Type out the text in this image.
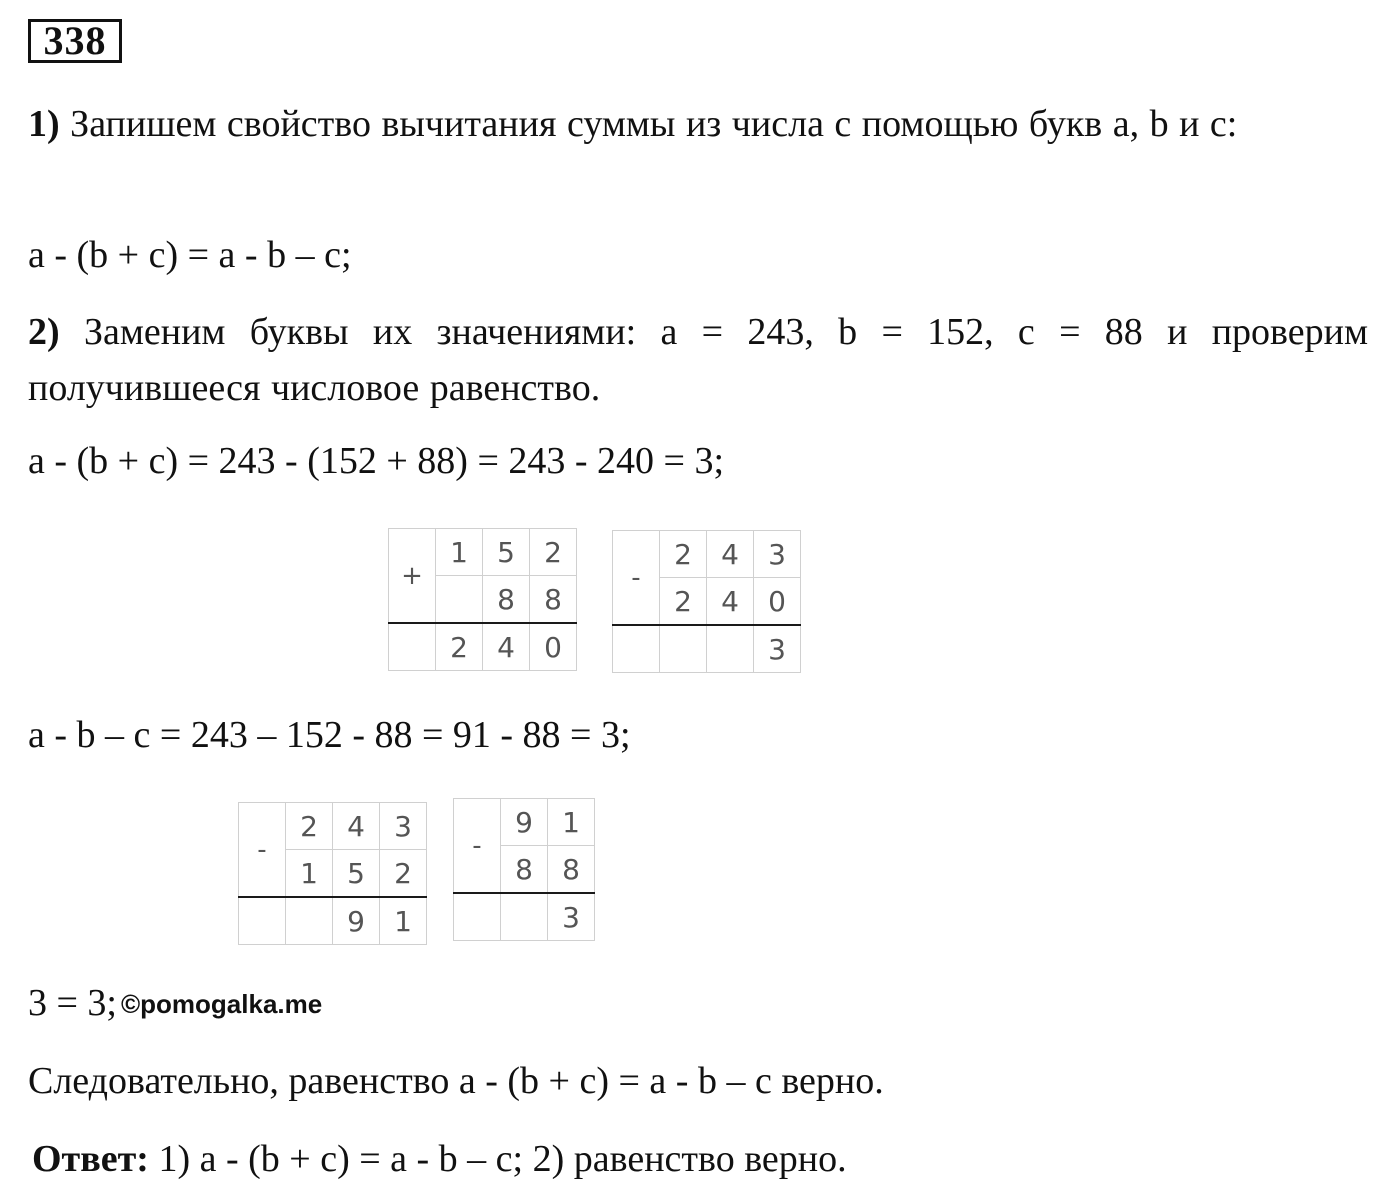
338
1) Запишем свойство вычитания суммы из числа с помощью букв a, b и c:
a - (b + c) = a - b – c;
2) Заменим буквы их значениями: a = 243, b = 152, c = 88 и проверим получившееся числовое равенство.
a - (b + c) = 243 - (152 + 88) = 243 - 240 = 3;
+	1	5	2
		8	8
	2	4	0
-	2	4	3
	2	4	0
			3
a - b – c = 243 – 152 - 88 = 91 - 88 = 3;
-	2	4	3
	1	5	2
		9	1
-	9	1
	8	8
		3
3 = 3; ©pomogalka.me
Следовательно, равенство a - (b + c) = a - b – c верно.
Ответ: 1) a - (b + c) = a - b – c; 2) равенство верно.
